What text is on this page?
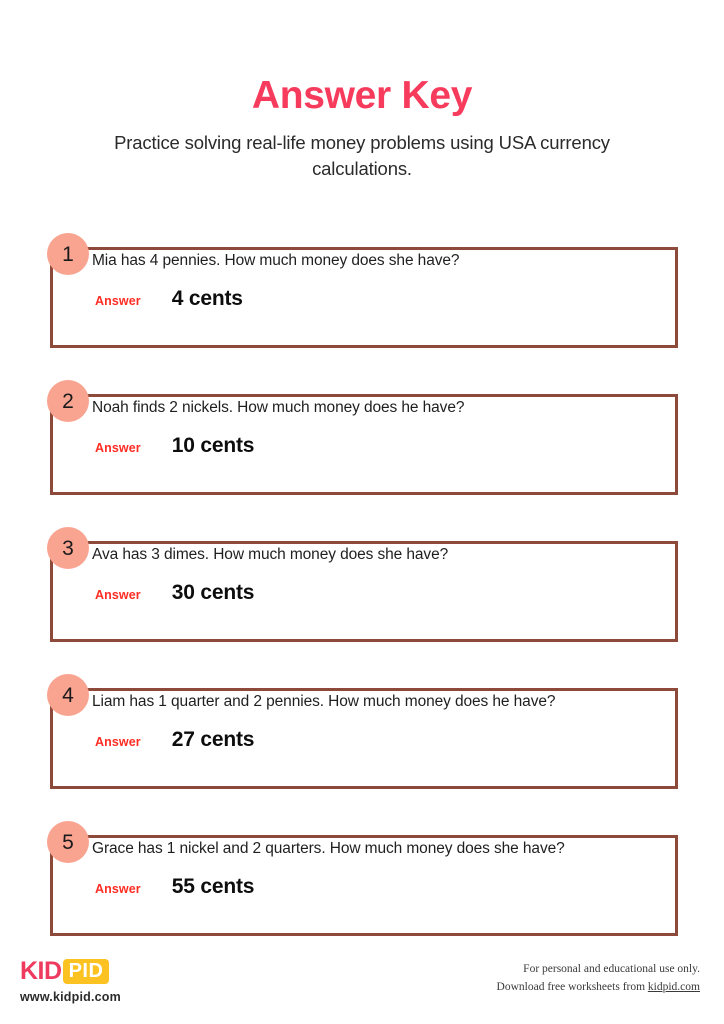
Answer Key

Practice solving real-life money problems using USA currency calculations.

1	Mia has 4 pennies. How much money does she have?
Answer 4 cents
2	Noah finds 2 nickels. How much money does he have?
Answer 10 cents
3	Ava has 3 dimes. How much money does she have?
Answer 30 cents
4	Liam has 1 quarter and 2 pennies. How much money does he have?
Answer 27 cents
5	Grace has 1 nickel and 2 quarters. How much money does she have?
Answer 55 cents
KID PID
www.kidpid.com
For personal and educational use only.
Download free worksheets from kidpid.com
